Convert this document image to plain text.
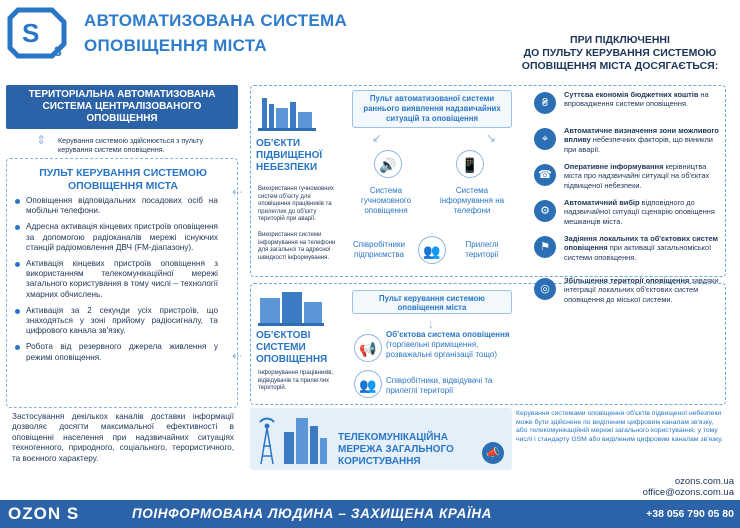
S
3
АВТОМАТИЗОВАНА СИСТЕМА
ОПОВІЩЕННЯ МІСТА	ПРИ ПІДКЛЮЧЕННІ
ДО ПУЛЬТУ КЕРУВАННЯ СИСТЕМОЮ
ОПОВІЩЕННЯ МІСТА ДОСЯГАЄТЬСЯ:
ТЕРИТОРІАЛЬНА АВТОМАТИЗОВАНА СИСТЕМА ЦЕНТРАЛІЗОВАНОГО ОПОВІЩЕННЯ
⇕ Керування системою здійснюється з пульту керування системи оповіщення.
ПУЛЬТ КЕРУВАННЯ СИСТЕМОЮ ОПОВІЩЕННЯ МІСТА
Оповіщення відповідальних посадових осіб на мобільні телефони.
Адресна активація кінцевих пристроїв оповіщення за допомогою радіоканалів мережі існуючих станцій радіомовлення ДВЧ (FM-діапазону).
Активація кінцевих пристроїв оповіщення з використанням телекомунікаційної мережі загального користування в тому числі – технології хмарних обчислень.
Активація за 2 секунди усіх пристроїв, що знаходяться у зоні прийому радіосигналу, та цифрового канала зв'язку.
Робота від резервного джерела живлення у режимі оповіщення.
Застосування декількох каналів доставки інформації дозволяє досягти максимальної ефективності в оповіщенні населення при надзвичайних ситуаціях техногенного, природного, соціального, терористичного, та воєнного характеру.
⇠
⇠
ОБ'ЄКТИ ПІДВИЩЕНОЇ НЕБЕЗПЕКИ
Використання гучномовних систем об'єкту для оповіщення працівників та прилеглих до об'єкту територій при аварії.
Використання системи інформування на телефони для загальної та адресної швидкості інформування.
Пульт автоматизованої системи раннього виявлення надзвичайних ситуацій та оповіщення
↙	↘
🔊	📱
Система гучномовного оповіщення
Система інформування на телефони
👥
Співробітники підприємства
Прилеглі території
ОБ'ЄКТОВІ СИСТЕМИ ОПОВІЩЕННЯ
Інформування працівників, відвідувачів та прилеглих територій.
Пульт керування системою оповіщення міста
↓
📢
Об'єктова система оповіщення
(торгівельні приміщення, розважальні організації тощо)
👥	Співробітники, відвідувачі та прилеглі території
₴
Суттєва економія бюджетних коштів на впровадження системи оповіщення.
⌖
Автоматичне визначення зони можливого впливу небезпечних факторів, що виникли при аварії.
☎
Оперативне інформування керівництва міста про надзвичайні ситуації на об'єктах підвищеної небезпеки.
⚙
Автоматичний вибір відповідного до надзвичайної ситуації сценарію оповіщення мешканців міста.
⚑
Задіяння локальних та об'єктових систем оповіщення при активації загальноміської системи оповіщення.
◎
Збільшення території оповіщення завдяки інтеграції локальних об'єктових систем оповіщення до міської системи.
ТЕЛЕКОМУНІКАЦІЙНА МЕРЕЖА ЗАГАЛЬНОГО КОРИСТУВАННЯ
📣
Керування системами оповіщення об'єктів підвищеної небезпеки може бути здійснене по виділеним цифровим каналам зв'язку, або телекомунікаційній мережі загального користування, у тому числі і стандарту GSM або виділеним цифровим каналам зв'язку.
ozons.com.ua
office@ozons.com.ua
OZON S	ПОІНФОРМОВАНА ЛЮДИНА – ЗАХИЩЕНА КРАЇНА	+38 056 790 05 80
